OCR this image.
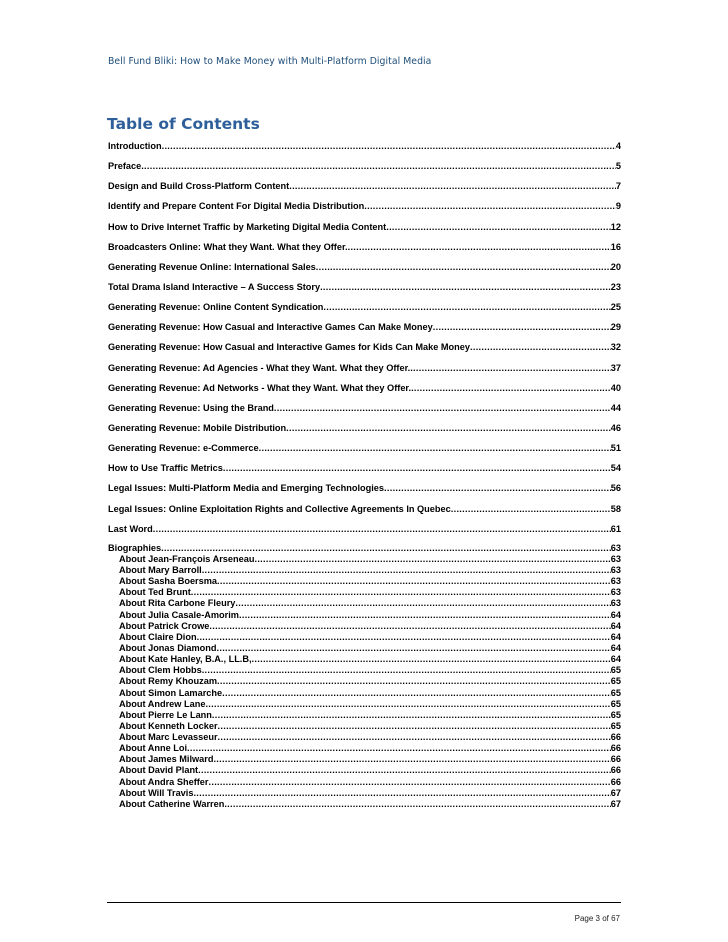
Bell Fund Bliki: How to Make Money with Multi-Platform Digital Media
Table of Contents
Introduction .....	4
Preface .....	5
Design and Build Cross-Platform Content .....	7
Identify and Prepare Content For Digital Media Distribution .....	9
How to Drive Internet Traffic by Marketing Digital Media Content .....	12
Broadcasters Online: What they Want. What they Offer. .....	16
Generating Revenue Online: International Sales .....	20
Total Drama Island Interactive – A Success Story .....	23
Generating Revenue: Online Content Syndication .....	25
Generating Revenue: How Casual and Interactive Games Can Make Money .....	29
Generating Revenue: How Casual and Interactive Games for Kids Can Make Money .....	32
Generating Revenue: Ad Agencies - What they Want. What they Offer. .....	37
Generating Revenue: Ad Networks - What they Want. What they Offer. .....	40
Generating Revenue: Using the Brand .....	44
Generating Revenue: Mobile Distribution .....	46
Generating Revenue: e-Commerce .....	51
How to Use Traffic Metrics .....	54
Legal Issues: Multi-Platform Media and Emerging Technologies .....	56
Legal Issues: Online Exploitation Rights and Collective Agreements In Quebec .....	58
Last Word .....	61
Biographies .....	63
About Jean-François Arseneau .....	63
About Mary Barroll .....	63
About Sasha Boersma .....	63
About Ted Brunt .....	63
About Rita Carbone Fleury .....	63
About Julia Casale-Amorim .....	64
About Patrick Crowe .....	64
About Claire Dion .....	64
About Jonas Diamond .....	64
About Kate Hanley, B.A., LL.B, .....	64
About Clem Hobbs .....	65
About Remy Khouzam .....	65
About Simon Lamarche .....	65
About Andrew Lane .....	65
About Pierre Le Lann .....	65
About Kenneth Locker .....	65
About Marc Levasseur .....	66
About Anne Loi .....	66
About James Milward .....	66
About David Plant .....	66
About Andra Sheffer .....	66
About Will Travis .....	67
About Catherine Warren .....	67
Page 3 of 67
